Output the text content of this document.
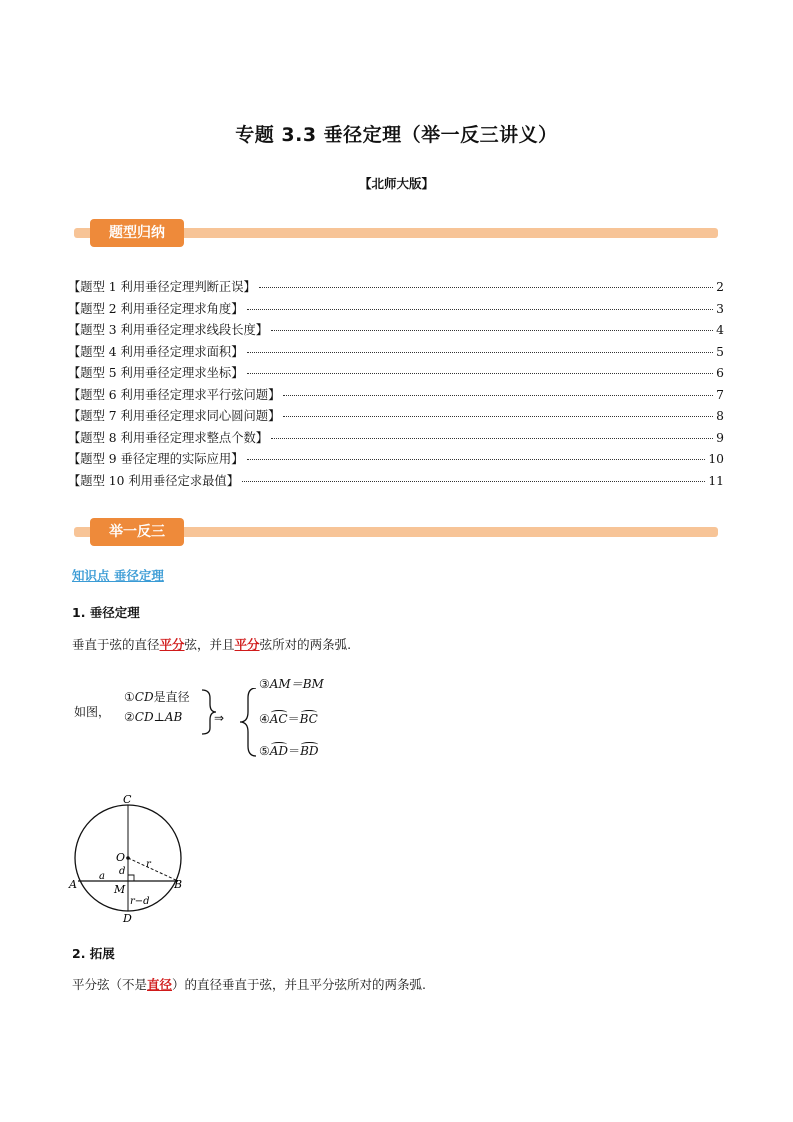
专题 3.3 垂径定理（举一反三讲义）
【北师大版】
题型归纳
【题型 1 利用垂径定理判断正误】	2
【题型 2 利用垂径定理求角度】	3
【题型 3 利用垂径定理求线段长度】	4
【题型 4 利用垂径定理求面积】	5
【题型 5 利用垂径定理求坐标】	6
【题型 6 利用垂径定理求平行弦问题】	7
【题型 7 利用垂径定理求同心圆问题】	8
【题型 8 利用垂径定理求整点个数】	9
【题型 9 垂径定理的实际应用】	10
【题型 10 利用垂径定求最值】	11
举一反三
知识点 垂径定理
1. 垂径定理
垂直于弦的直径平分弦，并且平分弦所对的两条弧.
如图，
①CD是直径
②CD⊥AB	⇒
③AM＝BM
④AC＝BC
⑤AD＝BD
C
O
A	B
M
D
a d
r
r−d
2. 拓展
平分弦（不是直径）的直径垂直于弦，并且平分弦所对的两条弧.
